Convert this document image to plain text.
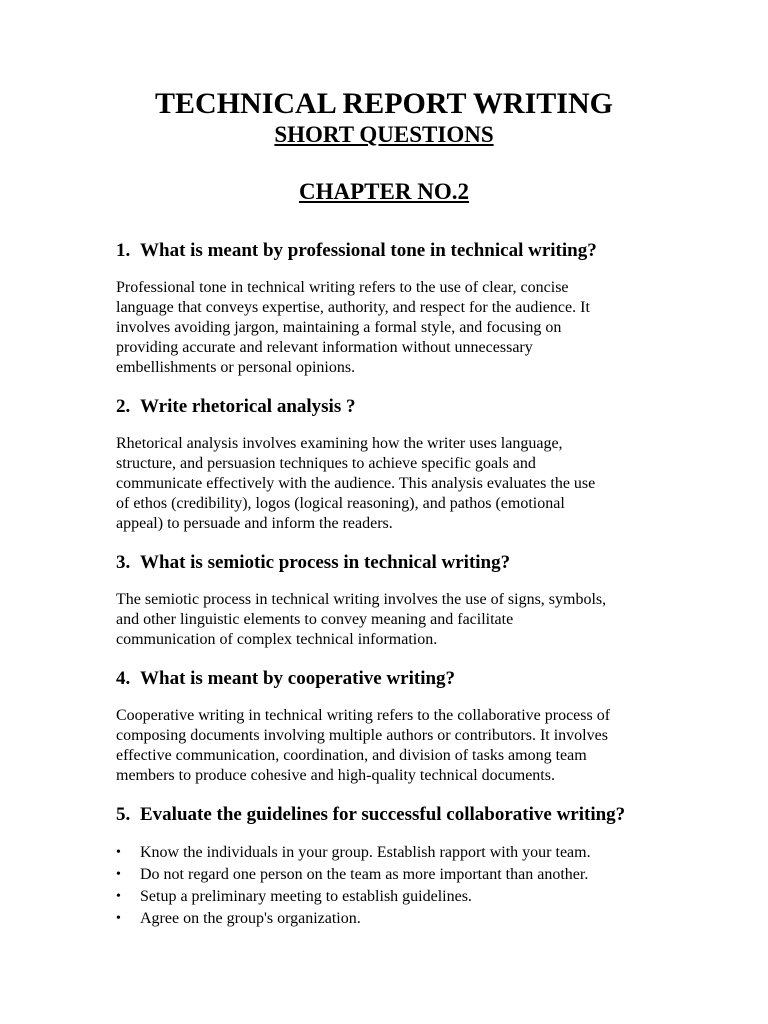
TECHNICAL REPORT WRITING
SHORT QUESTIONS
CHAPTER NO.2
1. What is meant by professional tone in technical writing?
Professional tone in technical writing refers to the use of clear, concise
language that conveys expertise, authority, and respect for the audience. It
involves avoiding jargon, maintaining a formal style, and focusing on
providing accurate and relevant information without unnecessary
embellishments or personal opinions.
2. Write rhetorical analysis ?
Rhetorical analysis involves examining how the writer uses language,
structure, and persuasion techniques to achieve specific goals and
communicate effectively with the audience. This analysis evaluates the use
of ethos (credibility), logos (logical reasoning), and pathos (emotional
appeal) to persuade and inform the readers.
3. What is semiotic process in technical writing?
The semiotic process in technical writing involves the use of signs, symbols,
and other linguistic elements to convey meaning and facilitate
communication of complex technical information.
4. What is meant by cooperative writing?
Cooperative writing in technical writing refers to the collaborative process of
composing documents involving multiple authors or contributors. It involves
effective communication, coordination, and division of tasks among team
members to produce cohesive and high-quality technical documents.
5. Evaluate the guidelines for successful collaborative writing?
•	Know the individuals in your group. Establish rapport with your team.
•	Do not regard one person on the team as more important than another.
•	Setup a preliminary meeting to establish guidelines.
•	Agree on the group's organization.
